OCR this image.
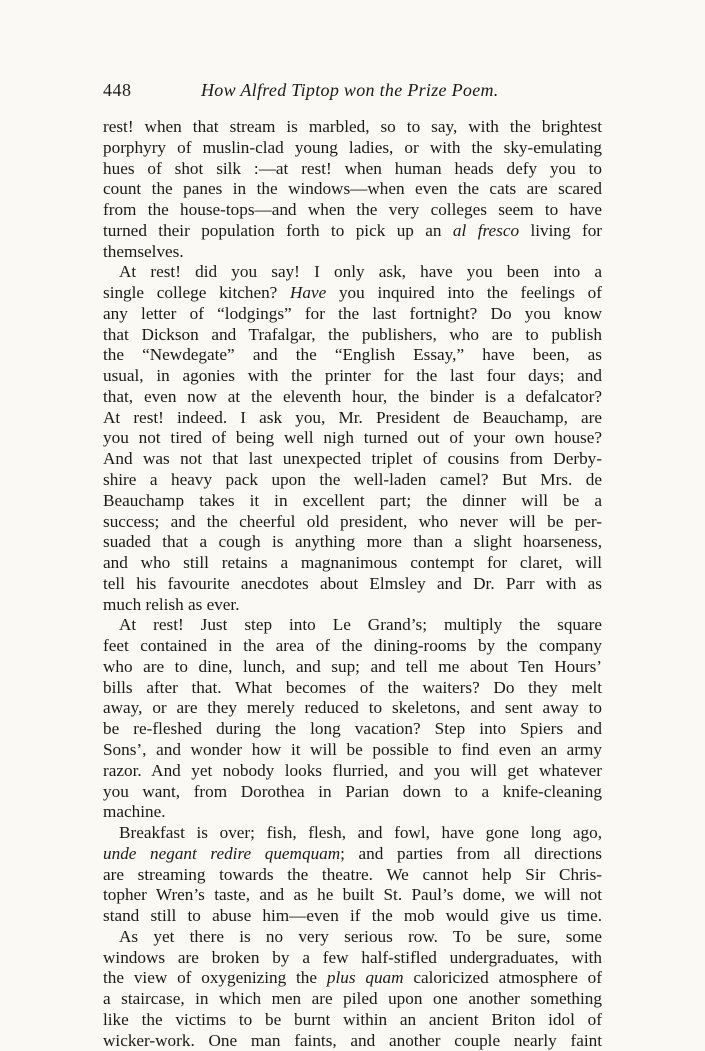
448	How Alfred Tiptop won the Prize Poem.
rest! when that stream is marbled, so to say, with the brightest
porphyry of muslin-clad young ladies, or with the sky-emulating
hues of shot silk :—at rest! when human heads defy you to
count the panes in the windows—when even the cats are scared
from the house-tops—and when the very colleges seem to have
turned their population forth to pick up an al fresco living for
themselves.
At rest! did you say! I only ask, have you been into a
single college kitchen? Have you inquired into the feelings of
any letter of “lodgings” for the last fortnight? Do you know
that Dickson and Trafalgar, the publishers, who are to publish
the “Newdegate” and the “English Essay,” have been, as
usual, in agonies with the printer for the last four days; and
that, even now at the eleventh hour, the binder is a defalcator?
At rest! indeed. I ask you, Mr. President de Beauchamp, are
you not tired of being well nigh turned out of your own house?
And was not that last unexpected triplet of cousins from Derby-
shire a heavy pack upon the well-laden camel? But Mrs. de
Beauchamp takes it in excellent part; the dinner will be a
success; and the cheerful old president, who never will be per-
suaded that a cough is anything more than a slight hoarseness,
and who still retains a magnanimous contempt for claret, will
tell his favourite anecdotes about Elmsley and Dr. Parr with as
much relish as ever.
At rest! Just step into Le Grand’s; multiply the square
feet contained in the area of the dining-rooms by the company
who are to dine, lunch, and sup; and tell me about Ten Hours’
bills after that. What becomes of the waiters? Do they melt
away, or are they merely reduced to skeletons, and sent away to
be re-fleshed during the long vacation? Step into Spiers and
Sons’, and wonder how it will be possible to find even an army
razor. And yet nobody looks flurried, and you will get whatever
you want, from Dorothea in Parian down to a knife-cleaning
machine.
Breakfast is over; fish, flesh, and fowl, have gone long ago,
unde negant redire quemquam; and parties from all directions
are streaming towards the theatre. We cannot help Sir Chris-
topher Wren’s taste, and as he built St. Paul’s dome, we will not
stand still to abuse him—even if the mob would give us time.
As yet there is no very serious row. To be sure, some
windows are broken by a few half-stifled undergraduates, with
the view of oxygenizing the plus quam caloricized atmosphere of
a staircase, in which men are piled upon one another something
like the victims to be burnt within an ancient Briton idol of
wicker-work. One man faints, and another couple nearly faint
